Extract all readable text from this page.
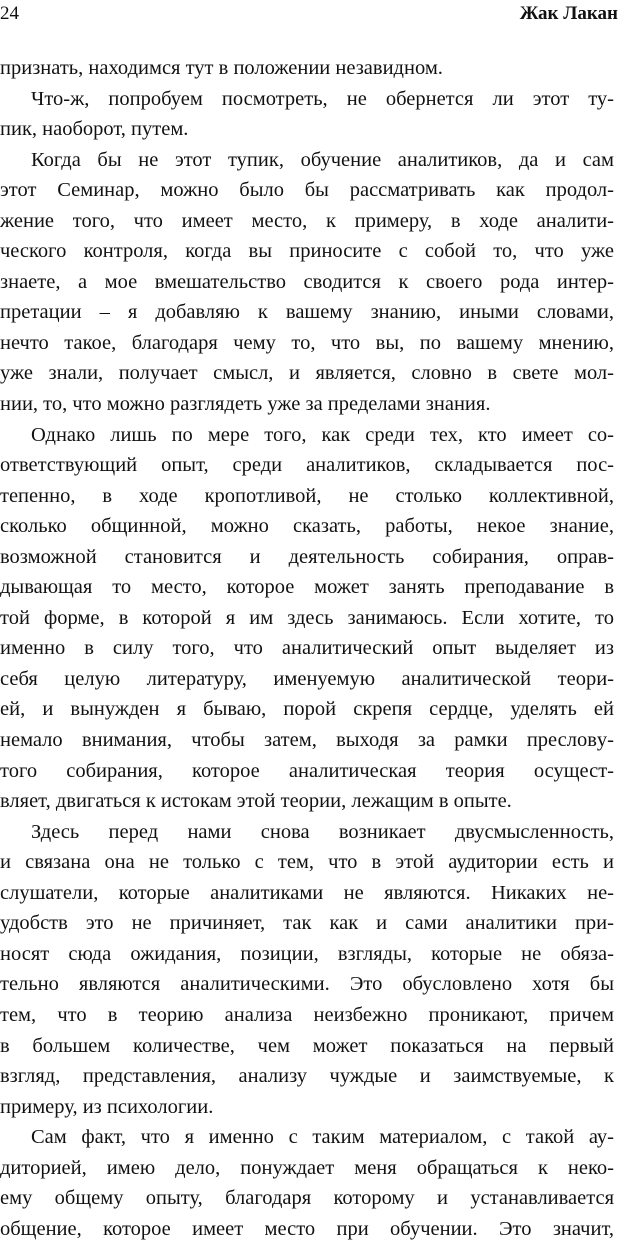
24	Жак Лакан
признать, находимся тут в положении незавидном.
Что-ж, попробуем посмотреть, не обернется ли этот ту-
пик, наоборот, путем.
Когда бы не этот тупик, обучение аналитиков, да и сам
этот Семинар, можно было бы рассматривать как продол-
жение того, что имеет место, к примеру, в ходе аналити-
ческого контроля, когда вы приносите с собой то, что уже
знаете, а мое вмешательство сводится к своего рода интер-
претации – я добавляю к вашему знанию, иными словами,
нечто такое, благодаря чему то, что вы, по вашему мнению,
уже знали, получает смысл, и является, словно в свете мол-
нии, то, что можно разглядеть уже за пределами знания.
Однако лишь по мере того, как среди тех, кто имеет со-
ответствующий опыт, среди аналитиков, складывается пос-
тепенно, в ходе кропотливой, не столько коллективной,
сколько общинной, можно сказать, работы, некое знание,
возможной становится и деятельность собирания, оправ-
дывающая то место, которое может занять преподавание в
той форме, в которой я им здесь занимаюсь. Если хотите, то
именно в силу того, что аналитический опыт выделяет из
себя целую литературу, именуемую аналитической теори-
ей, и вынужден я бываю, порой скрепя сердце, уделять ей
немало внимания, чтобы затем, выходя за рамки пресловy-
того собирания, которое аналитическая теория осущест-
вляет, двигаться к истокам этой теории, лежащим в опыте.
Здесь перед нами снова возникает двусмысленность,
и связана она не только с тем, что в этой аудитории есть и
слушатели, которые аналитиками не являются. Никаких не-
удобств это не причиняет, так как и сами аналитики при-
носят сюда ожидания, позиции, взгляды, которые не обяза-
тельно являются аналитическими. Это обусловлено хотя бы
тем, что в теорию анализа неизбежно проникают, причем
в большем количестве, чем может показаться на первый
взгляд, представления, анализу чуждые и заимствуемые, к
примеру, из психологии.
Сам факт, что я именно с таким материалом, с такой ау-
диторией, имею дело, понуждает меня обращаться к неко-
ему общему опыту, благодаря которому и устанавливается
общение, которое имеет место при обучении. Это значит,
